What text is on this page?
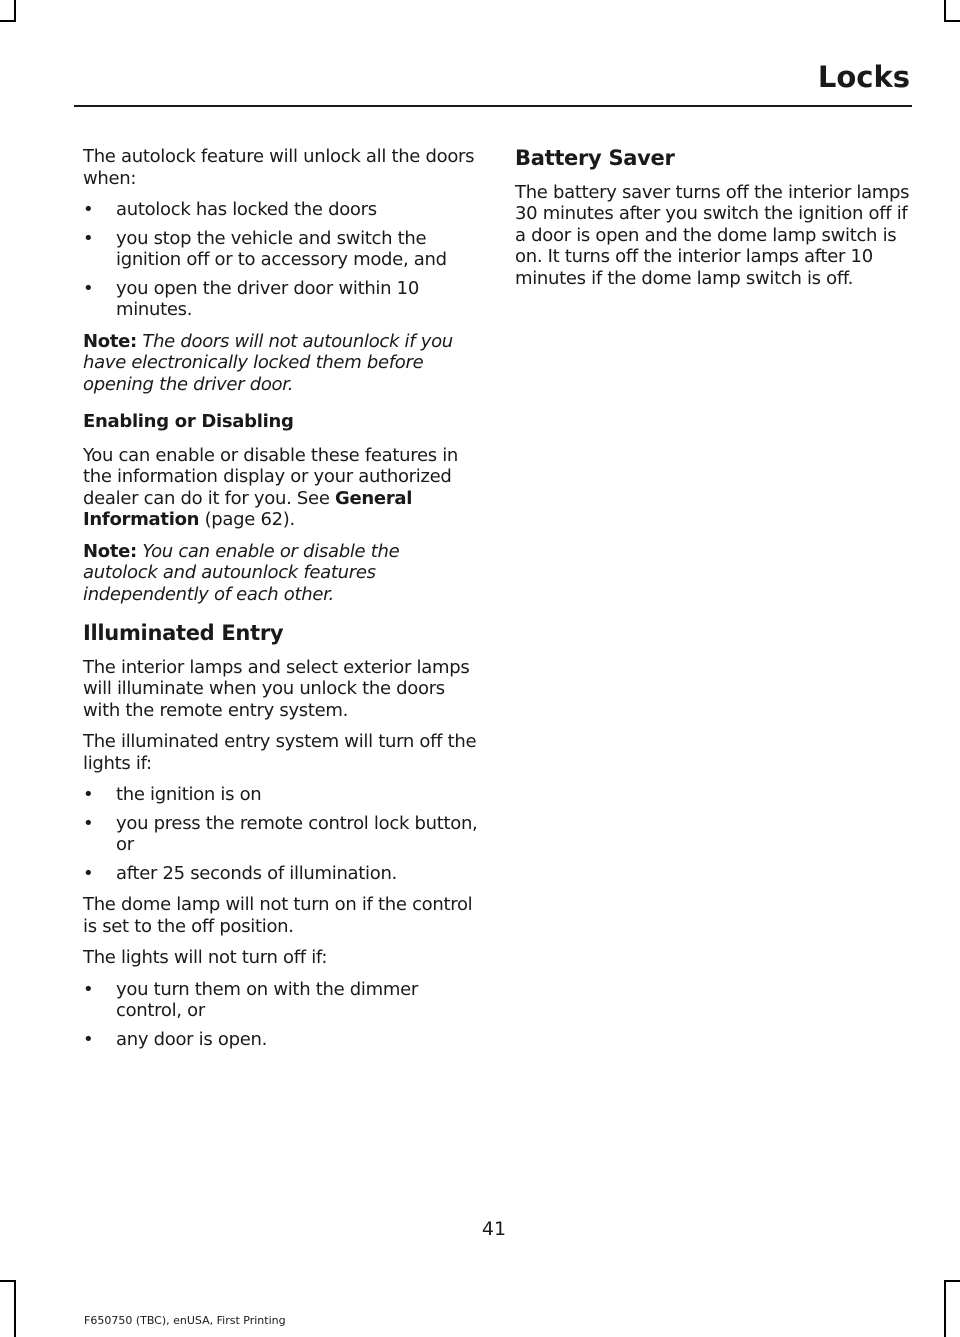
Locks

The autolock feature will unlock all the doors when:

• autolock has locked the doors
• you stop the vehicle and switch the ignition off or to accessory mode, and
• you open the driver door within 10 minutes.

Note: The doors will not autounlock if you have electronically locked them before opening the driver door.

Enabling or Disabling

You can enable or disable these features in the information display or your authorized dealer can do it for you. See General Information (page 62).

Note: You can enable or disable the autolock and autounlock features independently of each other.

Illuminated Entry

The interior lamps and select exterior lamps will illuminate when you unlock the doors with the remote entry system.

The illuminated entry system will turn off the lights if:

• the ignition is on
• you press the remote control lock button, or
• after 25 seconds of illumination.

The dome lamp will not turn on if the control is set to the off position.

The lights will not turn off if:

• you turn them on with the dimmer control, or
• any door is open.

Battery Saver

The battery saver turns off the interior lamps 30 minutes after you switch the ignition off if a door is open and the dome lamp switch is on. It turns off the interior lamps after 10 minutes if the dome lamp switch is off.

41
F650750 (TBC), enUSA, First Printing
